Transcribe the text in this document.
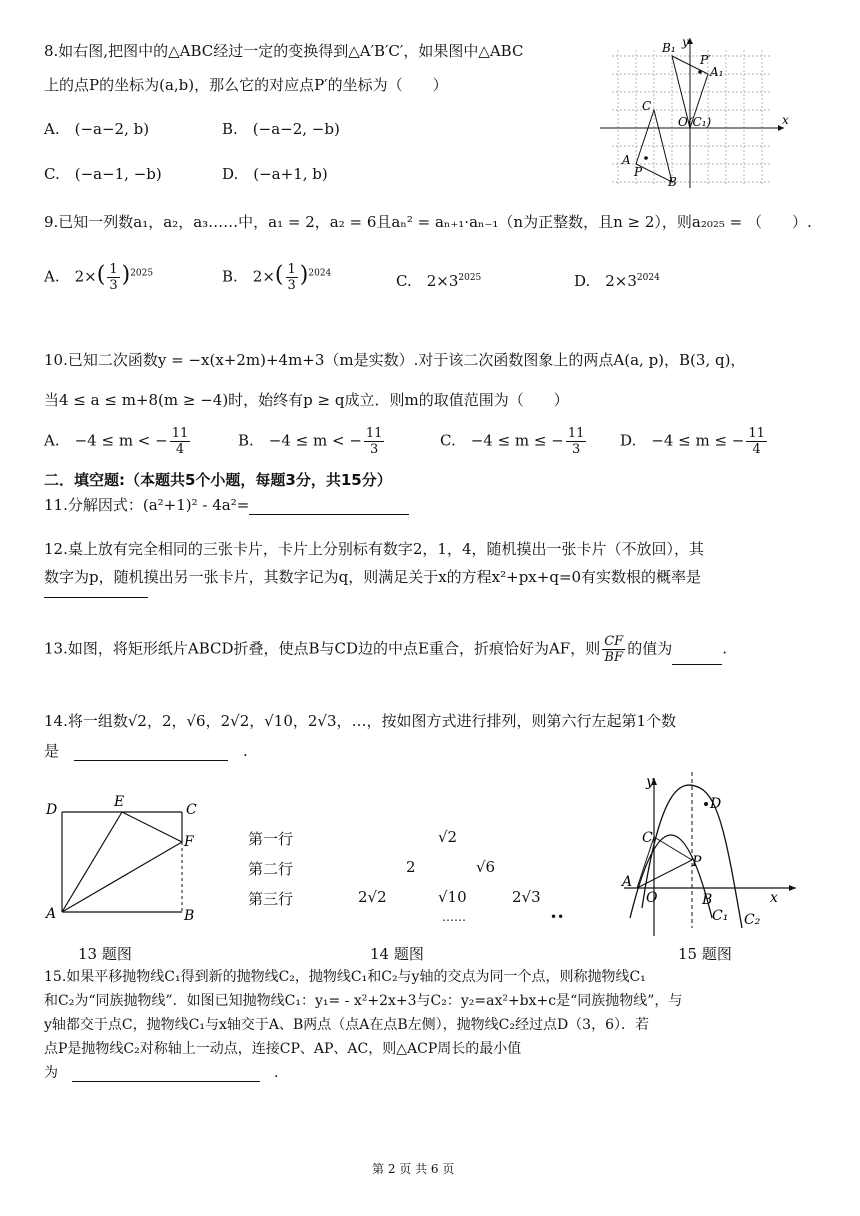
8.如右图,把图中的△ABC经过一定的变换得到△A′B′C′，如果图中△ABC
上的点P的坐标为(a,b)，那么它的对应点P′的坐标为（　　）
A.　(−a−2, b)	B.　(−a−2, −b)
C.　(−a−1, −b)	D.　(−a+1, b)
B₁ y
P′
A₁
C
O(C₁)	x
A
P
B
9.已知一列数a₁，a₂，a₃……中，a₁ = 2，a₂ = 6且aₙ² = aₙ₊₁·aₙ₋₁（n为正整数，且n ≥ 2），则a₂₀₂₅ = （　　）.
A.　$2\times( \frac{1}{3} )^{2025}$	B.　$2\times( \frac{1}{3} )^{2024}$	C.　$2\times 3^{2025}$	D.　$2\times 3^{2024}$
10.已知二次函数y = −x(x+2m)+4m+3（m是实数）.对于该二次函数图象上的两点A(a, p)，B(3, q)，
当4 ≤ a ≤ m+8(m ≥ −4)时，始终有p ≥ q成立．则m的取值范围为（　　）
A.　−4 ≤ m < − $\frac{11}{4}$	B.　−4 ≤ m < − $\frac{11}{3}$	C.　−4 ≤ m ≤ − $\frac{11}{3} D$.　−4 ≤ m ≤ − $\frac{11}{4}$
二．填空题:（本题共5个小题，每题3分，共15分）
11.分解因式：(a²+1)² - 4a²=
12.桌上放有完全相同的三张卡片，卡片上分别标有数字2，1，4，随机摸出一张卡片（不放回），其
数字为p，随机摸出另一张卡片，其数字记为q，则满足关于x的方程x²+px+q=0有实数根的概率是
13.如图，将矩形纸片ABCD折叠，使点B与CD边的中点E重合，折痕恰好为AF，则 $\frac{CF}{BF}$ 的值为	.
14.将一组数√2，2，√6，2√2，√10，2√3，…，按如图方式进行排列，则第六行左起第1个数
是　	　.
D	E	C
F
A	B
第一行
第二行
第三行
√2
2	√6
2√2	√10	2√3
……	••
y
D
C
P
A
O	B	x
C₁ C₂
13 题图	14 题图	15 题图
15.如果平移抛物线C₁得到新的抛物线C₂，抛物线C₁和C₂与y轴的交点为同一个点，则称抛物线C₁
和C₂为“同族抛物线”．如图已知抛物线C₁：y₁= - x²+2x+3与C₂：y₂=ax²+bx+c是“同族抛物线”，与
y轴都交于点C，抛物线C₁与x轴交于A、B两点（点A在点B左侧），抛物线C₂经过点D（3，6）．若
点P是抛物线C₂对称轴上一动点，连接CP、AP、AC，则△ACP周长的最小值
为　	　.
第 2 页 共 6 页
